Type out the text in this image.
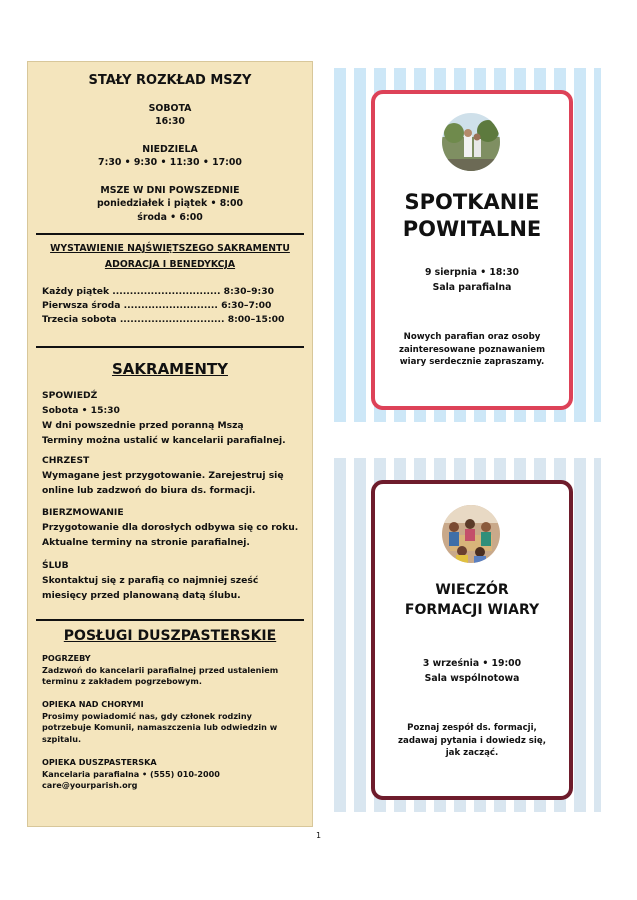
STAŁY ROZKŁAD MSZY
SOBOTA
16:30
NIEDZIELA
7:30 • 9:30 • 11:30 • 17:00
MSZE W DNI POWSZEDNIE
poniedziałek i piątek • 8:00
środa • 6:00
WYSTAWIENIE NAJŚWIĘTSZEGO SAKRAMENTU ADORACJA I BENEDYKCJA
Każdy piątek ............................... 8:30–9:30
Pierwsza środa ........................... 6:30–7:00
Trzecia sobota .............................. 8:00–15:00
SAKRAMENTY
SPOWIEDŹ
Sobota • 15:30
W dni powszednie przed poranną Mszą
Terminy można ustalić w kancelarii parafialnej.
CHRZEST
Wymagane jest przygotowanie. Zarejestruj się
online lub zadzwoń do biura ds. formacji.
BIERZMOWANIE
Przygotowanie dla dorosłych odbywa się co roku.
Aktualne terminy na stronie parafialnej.
ŚLUB
Skontaktuj się z parafią co najmniej sześć
miesięcy przed planowaną datą ślubu.
POSŁUGI DUSZPASTERSKIE
POGRZEBY
Zadzwoń do kancelarii parafialnej przed ustaleniem
terminu z zakładem pogrzebowym.
OPIEKA NAD CHORYMI
Prosimy powiadomić nas, gdy członek rodziny
potrzebuje Komunii, namaszczenia lub odwiedzin w
szpitalu.
OPIEKA DUSZPASTERSKA
Kancelaria parafialna • (555) 010-2000
care@yourparish.org
SPOTKANIE
POWITALNE
9 sierpnia • 18:30
Sala parafialna
Nowych parafian oraz osoby
zainteresowane poznawaniem
wiary serdecznie zapraszamy.
WIECZÓR
FORMACJI WIARY
3 września • 19:00
Sala wspólnotowa
Poznaj zespół ds. formacji,
zadawaj pytania i dowiedz się,
jak zacząć.
1
